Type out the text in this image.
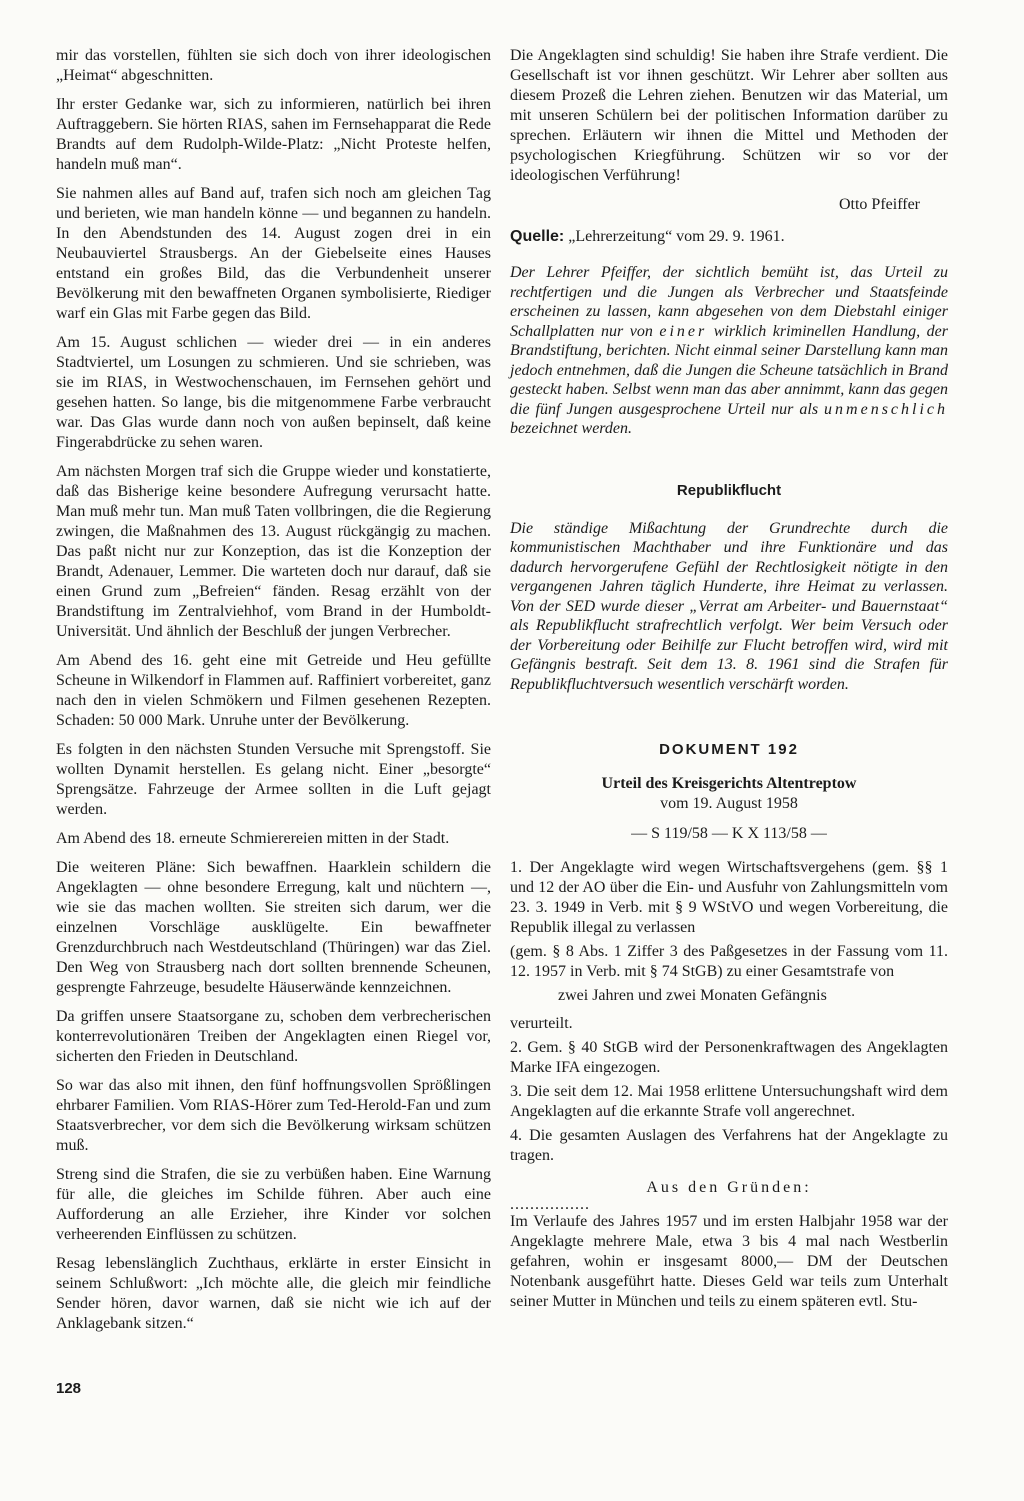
mir das vorstellen, fühlten sie sich doch von ihrer ideologischen „Heimat“ abgeschnitten.

Ihr erster Gedanke war, sich zu informieren, natürlich bei ihren Auftraggebern. Sie hörten RIAS, sahen im Fernsehapparat die Rede Brandts auf dem Rudolph-Wilde-Platz: „Nicht Proteste helfen, handeln muß man“.

Sie nahmen alles auf Band auf, trafen sich noch am gleichen Tag und berieten, wie man handeln könne — und begannen zu handeln. In den Abendstunden des 14. August zogen drei in ein Neubauviertel Strausbergs. An der Giebelseite eines Hauses entstand ein großes Bild, das die Verbundenheit unserer Bevölkerung mit den bewaffneten Organen symbolisierte, Riediger warf ein Glas mit Farbe gegen das Bild.

Am 15. August schlichen — wieder drei — in ein anderes Stadtviertel, um Losungen zu schmieren. Und sie schrieben, was sie im RIAS, in Westwochenschauen, im Fernsehen gehört und gesehen hatten. So lange, bis die mitgenommene Farbe verbraucht war. Das Glas wurde dann noch von außen bepinselt, daß keine Fingerabdrücke zu sehen waren.

Am nächsten Morgen traf sich die Gruppe wieder und konstatierte, daß das Bisherige keine besondere Aufregung verursacht hatte. Man muß mehr tun. Man muß Taten vollbringen, die die Regierung zwingen, die Maßnahmen des 13. August rückgängig zu machen. Das paßt nicht nur zur Konzeption, das ist die Konzeption der Brandt, Adenauer, Lemmer. Die warteten doch nur darauf, daß sie einen Grund zum „Befreien“ fänden. Resag erzählt von der Brandstiftung im Zentralviehhof, vom Brand in der Humboldt-Universität. Und ähnlich der Beschluß der jungen Verbrecher.

Am Abend des 16. geht eine mit Getreide und Heu gefüllte Scheune in Wilkendorf in Flammen auf. Raffiniert vorbereitet, ganz nach den in vielen Schmökern und Filmen gesehenen Rezepten. Schaden: 50 000 Mark. Unruhe unter der Bevölkerung.

Es folgten in den nächsten Stunden Versuche mit Sprengstoff. Sie wollten Dynamit herstellen. Es gelang nicht. Einer „besorgte“ Sprengsätze. Fahrzeuge der Armee sollten in die Luft gejagt werden.

Am Abend des 18. erneute Schmierereien mitten in der Stadt.

Die weiteren Pläne: Sich bewaffnen. Haarklein schildern die Angeklagten — ohne besondere Erregung, kalt und nüchtern —, wie sie das machen wollten. Sie streiten sich darum, wer die einzelnen Vorschläge ausklügelte. Ein bewaffneter Grenzdurchbruch nach Westdeutschland (Thüringen) war das Ziel. Den Weg von Strausberg nach dort sollten brennende Scheunen, gesprengte Fahrzeuge, besudelte Häuserwände kennzeichnen.

Da griffen unsere Staatsorgane zu, schoben dem verbrecherischen konterrevolutionären Treiben der Angeklagten einen Riegel vor, sicherten den Frieden in Deutschland.

So war das also mit ihnen, den fünf hoffnungsvollen Sprößlingen ehrbarer Familien. Vom RIAS-Hörer zum Ted-Herold-Fan und zum Staatsverbrecher, vor dem sich die Bevölkerung wirksam schützen muß.

Streng sind die Strafen, die sie zu verbüßen haben. Eine Warnung für alle, die gleiches im Schilde führen. Aber auch eine Aufforderung an alle Erzieher, ihre Kinder vor solchen verheerenden Einflüssen zu schützen.

Resag lebenslänglich Zuchthaus, erklärte in erster Einsicht in seinem Schlußwort: „Ich möchte alle, die gleich mir feindliche Sender hören, davor warnen, daß sie nicht wie ich auf der Anklagebank sitzen.“

Die Angeklagten sind schuldig! Sie haben ihre Strafe verdient. Die Gesellschaft ist vor ihnen geschützt. Wir Lehrer aber sollten aus diesem Prozeß die Lehren ziehen. Benutzen wir das Material, um mit unseren Schülern bei der politischen Information darüber zu sprechen. Erläutern wir ihnen die Mittel und Methoden der psychologischen Kriegführung. Schützen wir so vor der ideologischen Verführung!

Otto Pfeiffer

Quelle: „Lehrerzeitung“ vom 29. 9. 1961.

Der Lehrer Pfeiffer, der sichtlich bemüht ist, das Urteil zu rechtfertigen und die Jungen als Verbrecher und Staatsfeinde erscheinen zu lassen, kann abgesehen von dem Diebstahl einiger Schallplatten nur von einer wirklich kriminellen Handlung, der Brandstiftung, berichten. Nicht einmal seiner Darstellung kann man jedoch entnehmen, daß die Jungen die Scheune tatsächlich in Brand gesteckt haben. Selbst wenn man das aber annimmt, kann das gegen die fünf Jungen ausgesprochene Urteil nur als unmenschlich bezeichnet werden.

Republikflucht

Die ständige Mißachtung der Grundrechte durch die kommunistischen Machthaber und ihre Funktionäre und das dadurch hervorgerufene Gefühl der Rechtlosigkeit nötigte in den vergangenen Jahren täglich Hunderte, ihre Heimat zu verlassen. Von der SED wurde dieser „Verrat am Arbeiter- und Bauernstaat“ als Republikflucht strafrechtlich verfolgt. Wer beim Versuch oder der Vorbereitung oder Beihilfe zur Flucht betroffen wird, wird mit Gefängnis bestraft. Seit dem 13. 8. 1961 sind die Strafen für Republikfluchtversuch wesentlich verschärft worden.

DOKUMENT 192

Urteil des Kreisgerichts Altentreptow

vom 19. August 1958

— S 119/58 — K X 113/58 —

1. Der Angeklagte wird wegen Wirtschaftsvergehens (gem. §§ 1 und 12 der AO über die Ein- und Ausfuhr von Zahlungsmitteln vom 23. 3. 1949 in Verb. mit § 9 WStVO und wegen Vorbereitung, die Republik illegal zu verlassen

(gem. § 8 Abs. 1 Ziffer 3 des Paßgesetzes in der Fassung vom 11. 12. 1957 in Verb. mit § 74 StGB) zu einer Gesamtstrafe von

zwei Jahren und zwei Monaten Gefängnis

verurteilt.

2. Gem. § 40 StGB wird der Personenkraftwagen des Angeklagten Marke IFA eingezogen.

3. Die seit dem 12. Mai 1958 erlittene Untersuchungshaft wird dem Angeklagten auf die erkannte Strafe voll angerechnet.

4. Die gesamten Auslagen des Verfahrens hat der Angeklagte zu tragen.

Aus den Gründen:

................

Im Verlaufe des Jahres 1957 und im ersten Halbjahr 1958 war der Angeklagte mehrere Male, etwa 3 bis 4 mal nach Westberlin gefahren, wohin er insgesamt 8000,— DM der Deutschen Notenbank ausgeführt hatte. Dieses Geld war teils zum Unterhalt seiner Mutter in München und teils zu einem späteren evtl. Stu-

128
